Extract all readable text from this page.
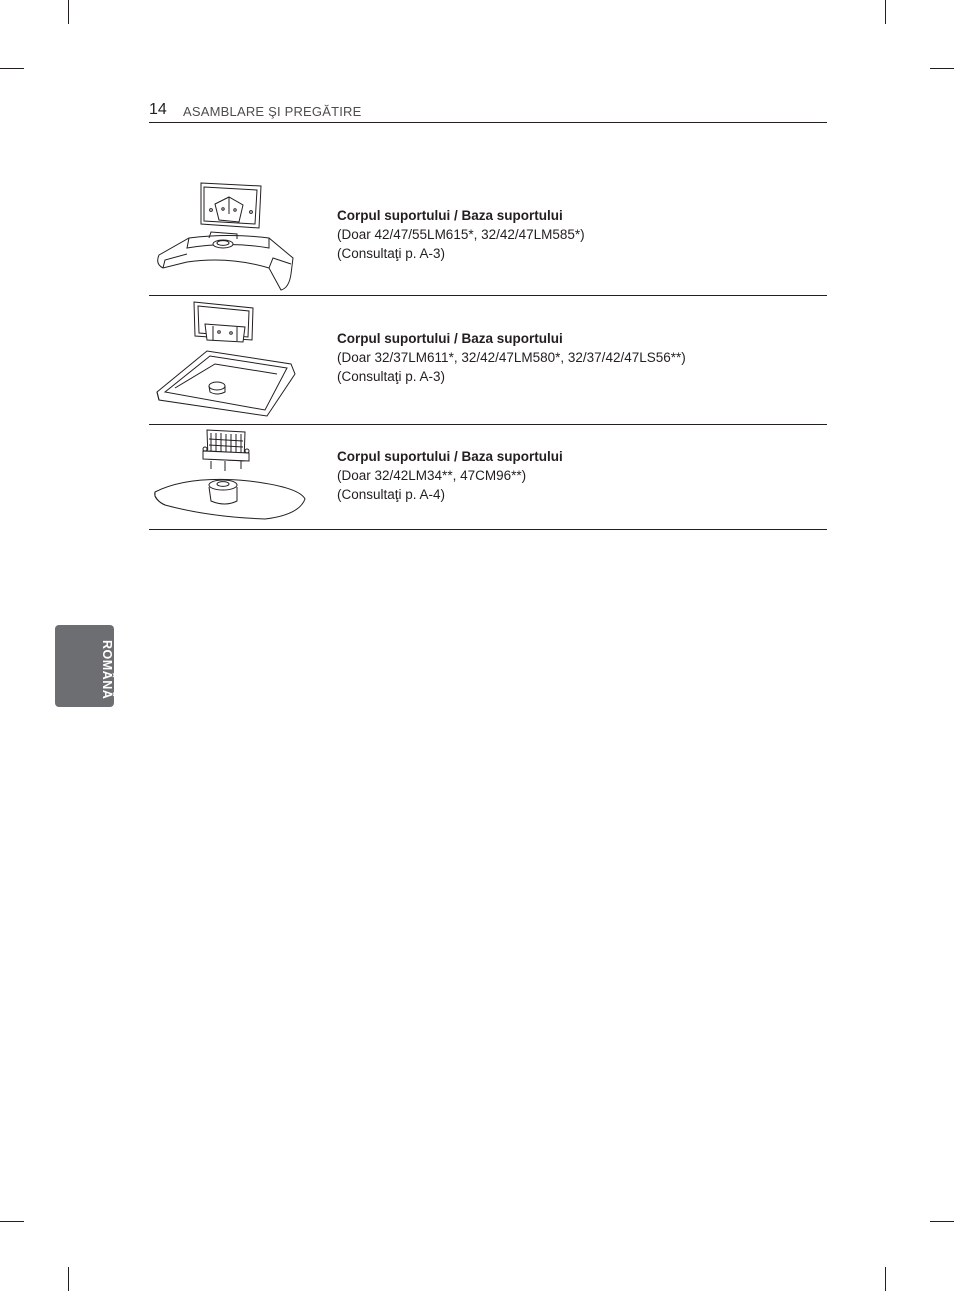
14 ASAMBLARE ŞI PREGĂTIRE
Corpul suportului / Baza suportului
(Doar 42/47/55LM615*, 32/42/47LM585*)
(Consultaţi p. A-3)
Corpul suportului / Baza suportului
(Doar 32/37LM611*, 32/42/47LM580*, 32/37/42/47LS56**)
(Consultaţi p. A-3)
Corpul suportului / Baza suportului
(Doar 32/42LM34**, 47CM96**)
(Consultaţi p. A-4)
ROMÂNĂ
